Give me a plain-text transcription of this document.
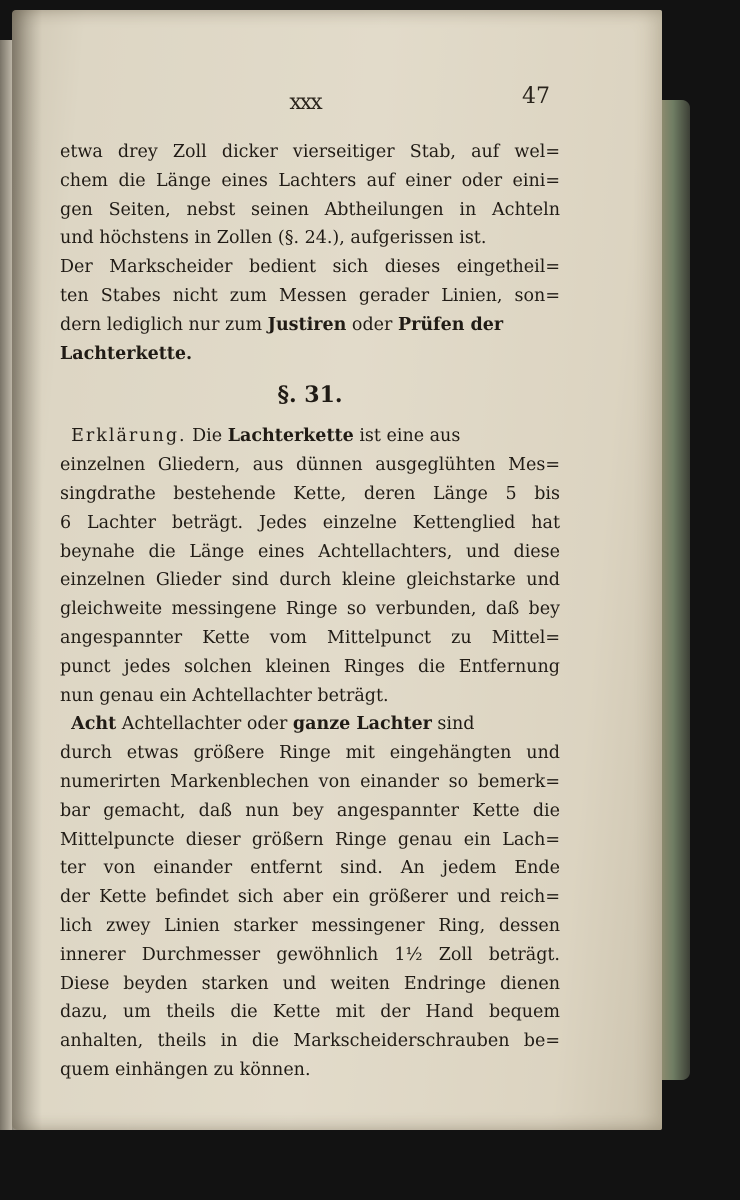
xxx	47
etwa drey Zoll dicker vierseitiger Stab, auf wel=
chem die Länge eines Lachters auf einer oder eini=
gen Seiten, nebst seinen Abtheilungen in Achteln
und höchstens in Zollen (§. 24.), aufgerissen ist.
Der Markscheider bedient sich dieses eingetheil=
ten Stabes nicht zum Messen gerader Linien, son=
dern lediglich nur zum Justiren oder Prüfen der
Lachterkette.
§. 31.
Erklärung. Die Lachterkette ist eine aus
einzelnen Gliedern, aus dünnen ausgeglühten Mes=
singdrathe bestehende Kette, deren Länge 5 bis
6 Lachter beträgt. Jedes einzelne Kettenglied hat
beynahe die Länge eines Achtellachters, und diese
einzelnen Glieder sind durch kleine gleichstarke und
gleichweite messingene Ringe so verbunden, daß bey
angespannter Kette vom Mittelpunct zu Mittel=
punct jedes solchen kleinen Ringes die Entfernung
nun genau ein Achtellachter beträgt.
Acht Achtellachter oder ganze Lachter sind
durch etwas größere Ringe mit eingehängten und
numerirten Markenblechen von einander so bemerk=
bar gemacht, daß nun bey angespannter Kette die
Mittelpuncte dieser größern Ringe genau ein Lach=
ter von einander entfernt sind. An jedem Ende
der Kette befindet sich aber ein größerer und reich=
lich zwey Linien starker messingener Ring, dessen
innerer Durchmesser gewöhnlich 1½ Zoll beträgt.
Diese beyden starken und weiten Endringe dienen
dazu, um theils die Kette mit der Hand bequem
anhalten, theils in die Markscheiderschrauben be=
quem einhängen zu können.
